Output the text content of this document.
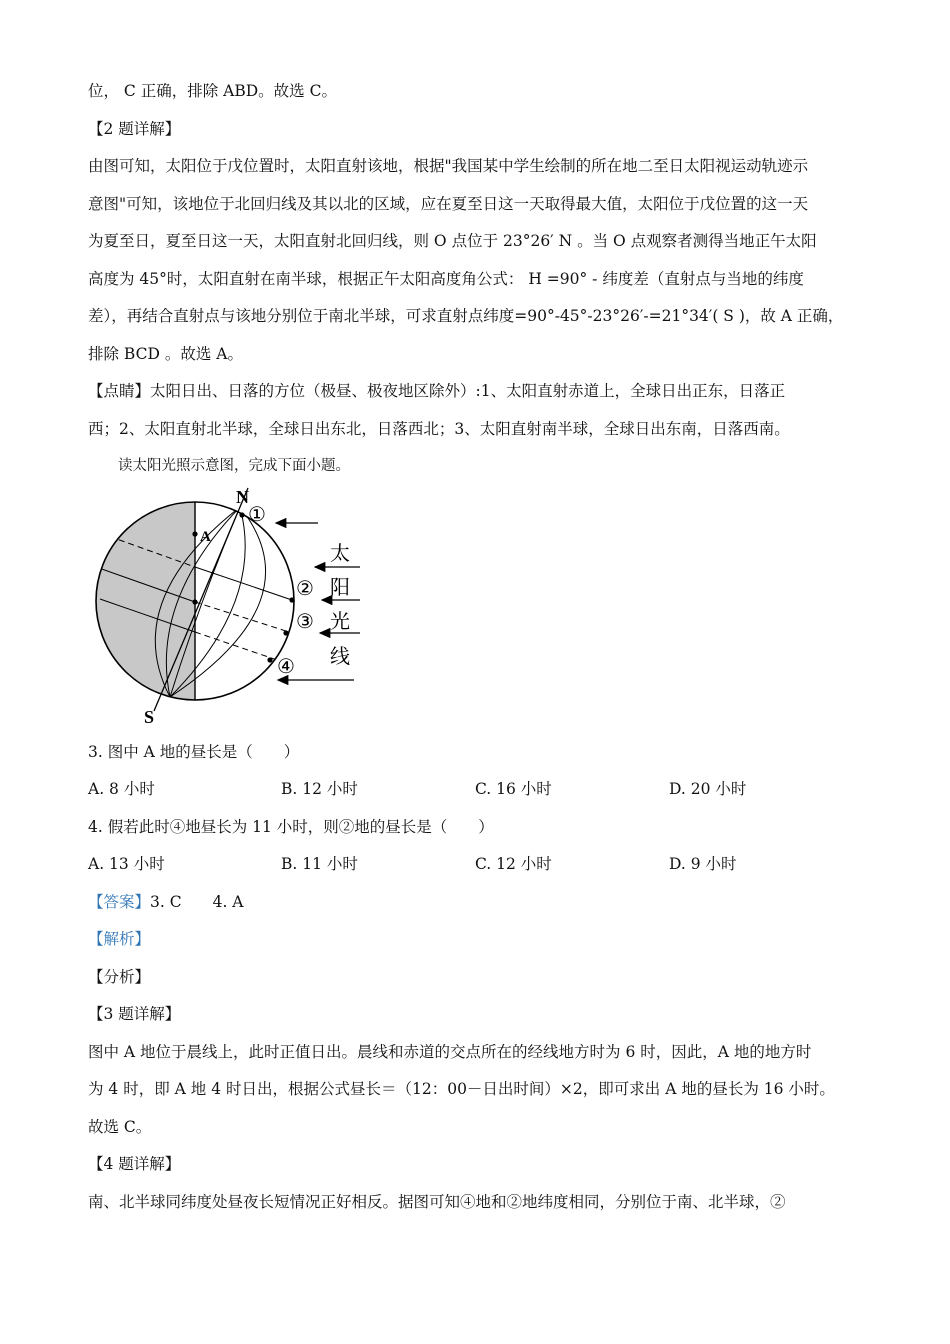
位， C 正确，排除 ABD。故选 C。
【2 题详解】
由图可知，太阳位于戊位置时，太阳直射该地，根据"我国某中学生绘制的所在地二至日太阳视运动轨迹示
意图"可知，该地位于北回归线及其以北的区域，应在夏至日这一天取得最大值，太阳位于戊位置的这一天
为夏至日，夏至日这一天，太阳直射北回归线，则 O 点位于 23°26′ N 。当 O 点观察者测得当地正午太阳
高度为 45°时，太阳直射在南半球，根据正午太阳高度角公式： H =90° - 纬度差（直射点与当地的纬度
差），再结合直射点与该地分别位于南北半球，可求直射点纬度=90°-45°-23°26′-=21°34′( S )，故 A 正确，
排除 BCD 。故选 A。
【点睛】太阳日出、日落的方位（极昼、极夜地区除外）:1、太阳直射赤道上，全球日出正东，日落正
西；2、太阳直射北半球，全球日出东北，日落西北；3、太阳直射南半球，全球日出东南，日落西南。
读太阳光照示意图，完成下面小题。
N
S
A
①
②
③
④
太
阳
光
线
3. 图中 A 地的昼长是（　　）
A. 8 小时	B. 12 小时	C. 16 小时	D. 20 小时
4. 假若此时④地昼长为 11 小时，则②地的昼长是（　　）
A. 13 小时	B. 11 小时	C. 12 小时	D. 9 小时
【答案】3. C　　4. A
【解析】
【分析】
【3 题详解】
图中 A 地位于晨线上，此时正值日出。晨线和赤道的交点所在的经线地方时为 6 时，因此，A 地的地方时
为 4 时，即 A 地 4 时日出，根据公式昼长＝（12：00－日出时间）×2，即可求出 A 地的昼长为 16 小时。
故选 C。
【4 题详解】
南、北半球同纬度处昼夜长短情况正好相反。据图可知④地和②地纬度相同，分别位于南、北半球，②
